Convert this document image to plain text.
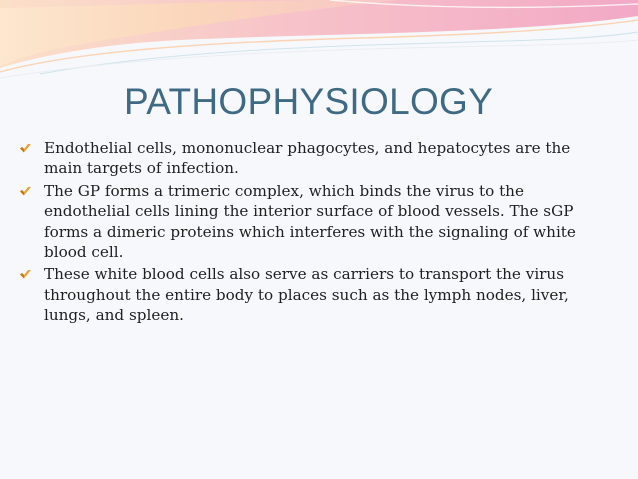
PATHOPHYSIOLOGY
Endothelial cells, mononuclear phagocytes, and hepatocytes are the
main targets of infection.
The GP forms a trimeric complex, which binds the virus to the
endothelial cells lining the interior surface of blood vessels. The sGP
forms a dimeric proteins which interferes with the signaling of white
blood cell.
These white blood cells also serve as carriers to transport the virus
throughout the entire body to places such as the lymph nodes, liver,
lungs, and spleen.
